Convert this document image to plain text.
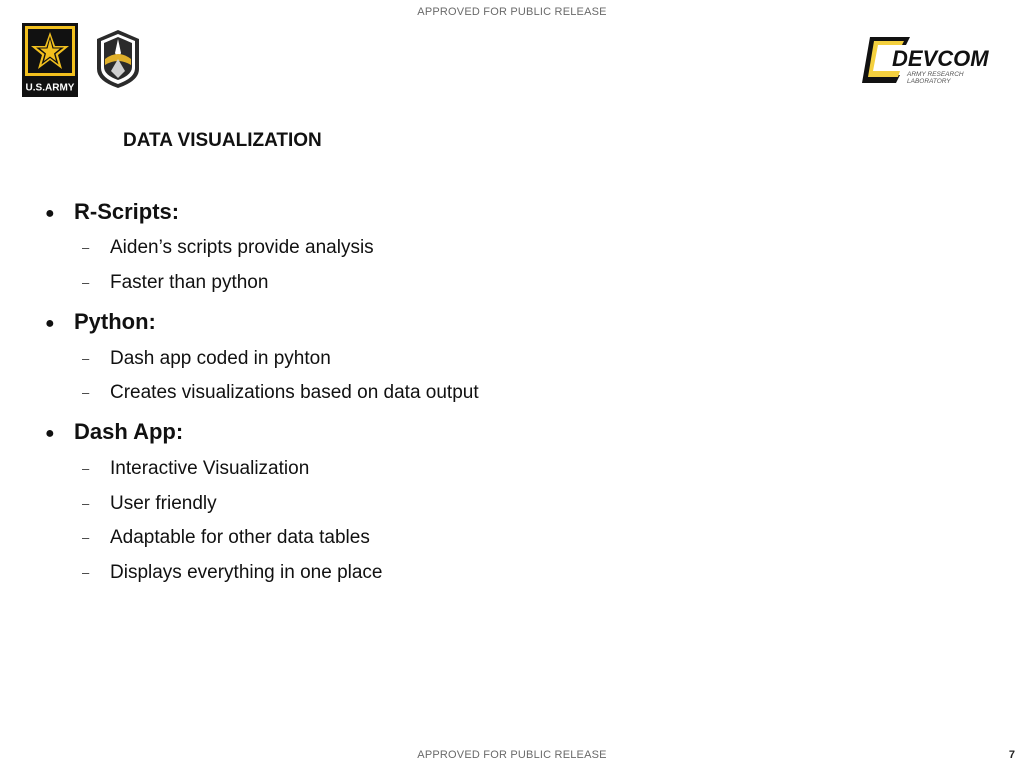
APPROVED FOR PUBLIC RELEASE
U.S.ARMY
DEVCOM
ARMY RESEARCH
LABORATORY
DATA VISUALIZATION
● R-Scripts:
– Aiden’s scripts provide analysis
– Faster than python
● Python:
– Dash app coded in pyhton
– Creates visualizations based on data output
● Dash App:
– Interactive Visualization
– User friendly
– Adaptable for other data tables
– Displays everything in one place
APPROVED FOR PUBLIC RELEASE	7
